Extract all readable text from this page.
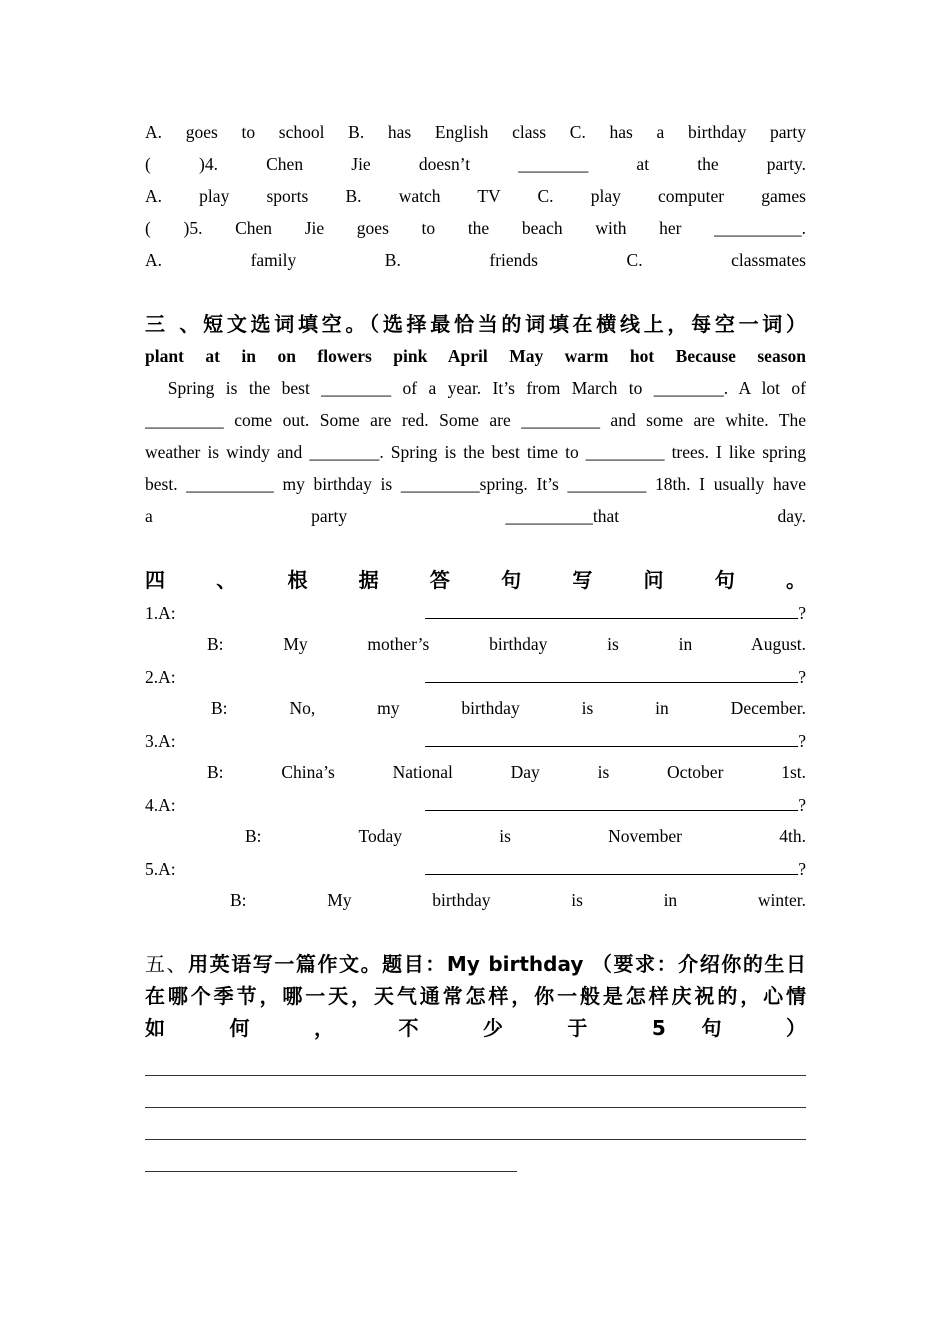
A. goes to school B. has English class C. has a birthday party
( )4. Chen Jie doesn’t ________ at the party.
A. play sports B. watch TV C. play computer games
( )5. Chen Jie goes to the beach with her __________.
A. family B. friends C. classmates
三 、短文选词填空。（选择最恰当的词填在横线上，每空一词）
plant at in on flowers pink April May warm hot Because season
Spring is the best ________ of a year. It’s from March to ________. A lot of
_________ come out. Some are red. Some are _________ and some are white. The
weather is windy and ________. Spring is the best time to _________ trees. I like spring
best. __________ my birthday is _________spring. It’s _________ 18th. I usually have
a party __________that day.
四 、 根 据 答 句 写 问 句 。
1.A:	?
B: My mother’s birthday is in August.
2.A:	?
B: No, my birthday is in December.
3.A:	?
B: China’s National Day is October 1st.
4.A:	?
B: Today is November 4th.
5.A:	?
B: My birthday is in winter.
五、用英语写一篇作文。题目：My birthday （要求：介绍你的生日
在哪个季节，哪一天，天气通常怎样，你一般是怎样庆祝的，心情
如 何 ， 不 少 于 5 句 ）
